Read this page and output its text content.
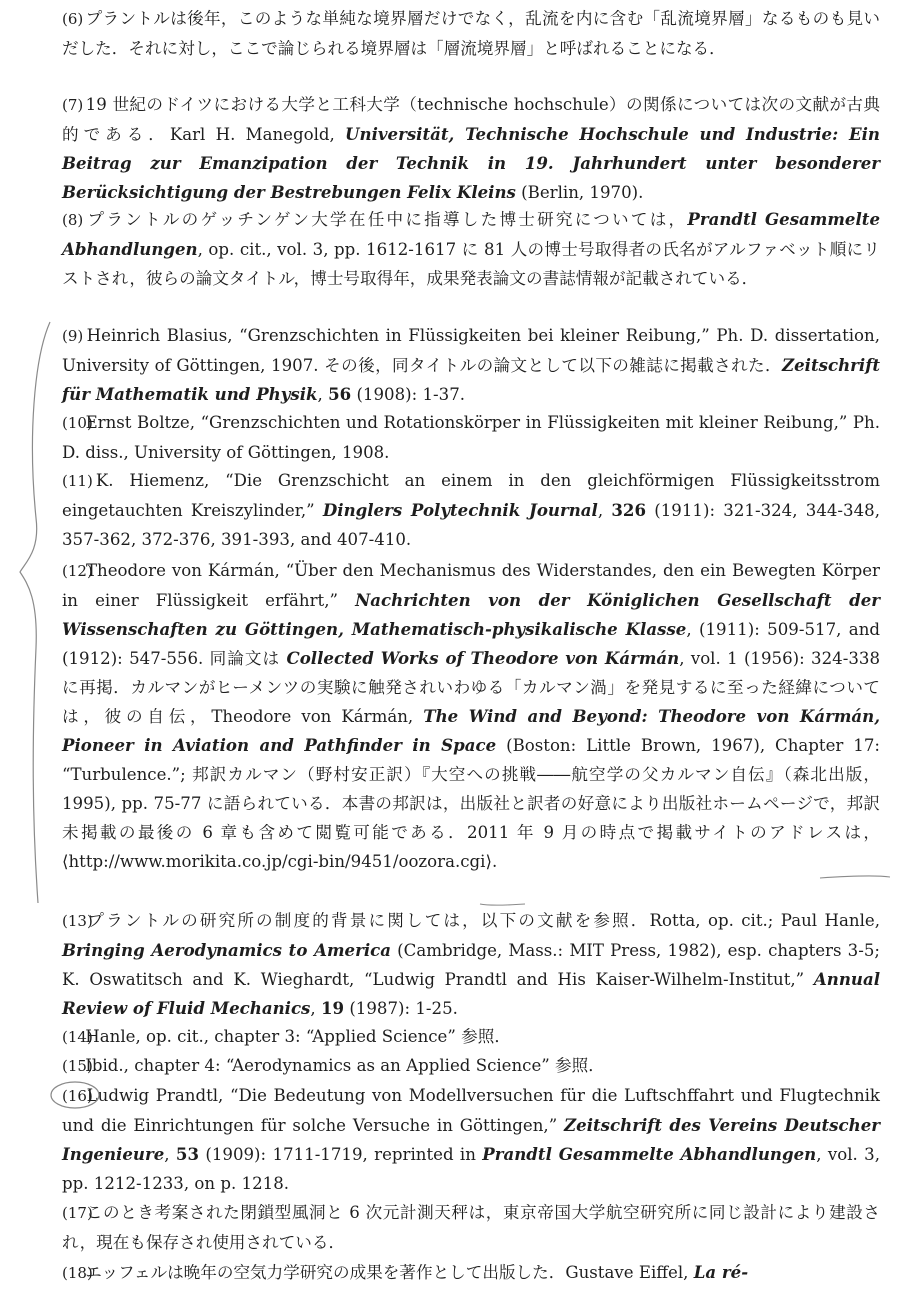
(6) プラントルは後年，このような単純な境界層だけでなく，乱流を内に含む「乱流境界層」なるものも見いだした．それに対し，ここで論じられる境界層は「層流境界層」と呼ばれることになる．
(7) 19 世紀のドイツにおける大学と工科大学（technische hochschule）の関係については次の文献が古典的である．Karl H. Manegold, Universität, Technische Hochschule und Industrie: Ein Beitrag zur Emanzipation der Technik in 19. Jahrhundert unter besonderer Berücksichtigung der Bestrebungen Felix Kleins (Berlin, 1970).
(8) プラントルのゲッチンゲン大学在任中に指導した博士研究については，Prandtl Gesammelte Abhandlungen, op. cit., vol. 3, pp. 1612-1617 に 81 人の博士号取得者の氏名がアルファベット順にリストされ，彼らの論文タイトル，博士号取得年，成果発表論文の書誌情報が記載されている．
(9) Heinrich Blasius, “Grenzschichten in Flüssigkeiten bei kleiner Reibung,” Ph. D. dissertation, University of Göttingen, 1907. その後，同タイトルの論文として以下の雑誌に掲載された．Zeitschrift für Mathematik und Physik, 56 (1908): 1-37.
(10) Ernst Boltze, “Grenzschichten und Rotationskörper in Flüssigkeiten mit kleiner Reibung,” Ph. D. diss., University of Göttingen, 1908.
(11) K. Hiemenz, “Die Grenzschicht an einem in den gleichförmigen Flüssigkeitsstrom eingetauchten Kreiszylinder,” Dinglers Polytechnik Journal, 326 (1911): 321-324, 344-348, 357-362, 372-376, 391-393, and 407-410.
(12) Theodore von Kármán, “Über den Mechanismus des Widerstandes, den ein Bewegten Körper in einer Flüssigkeit erfährt,” Nachrichten von der Königlichen Gesellschaft der Wissenschaften zu Göttingen, Mathematisch-physikalische Klasse, (1911): 509-517, and (1912): 547-556. 同論文は Collected Works of Theodore von Kármán, vol. 1 (1956): 324-338 に再掲．カルマンがヒーメンツの実験に触発されいわゆる「カルマン渦」を発見するに至った経緯については，彼の自伝，Theodore von Kármán, The Wind and Beyond: Theodore von Kármán, Pioneer in Aviation and Pathfinder in Space (Boston: Little Brown, 1967), Chapter 17: “Turbulence.”; 邦訳カルマン（野村安正訳）『大空への挑戦――航空学の父カルマン自伝』（森北出版，1995), pp. 75-77 に語られている．本書の邦訳は，出版社と訳者の好意により出版社ホームページで，邦訳未掲載の最後の 6 章も含めて閲覧可能である．2011 年 9 月の時点で掲載サイトのアドレスは，⟨http://www.morikita.co.jp/cgi-bin/9451/oozora.cgi⟩.
(13) プラントルの研究所の制度的背景に関しては，以下の文献を参照．Rotta, op. cit.; Paul Hanle, Bringing Aerodynamics to America (Cambridge, Mass.: MIT Press, 1982), esp. chapters 3-5; K. Oswatitsch and K. Wieghardt, “Ludwig Prandtl and His Kaiser-Wilhelm-Institut,” Annual Review of Fluid Mechanics, 19 (1987): 1-25.
(14) Hanle, op. cit., chapter 3: “Applied Science” 参照．
(15) Ibid., chapter 4: “Aerodynamics as an Applied Science” 参照．
(16) Ludwig Prandtl, “Die Bedeutung von Modellversuchen für die Luftschffahrt und Flugtechnik und die Einrichtungen für solche Versuche in Göttingen,” Zeitschrift des Vereins Deutscher Ingenieure, 53 (1909): 1711-1719, reprinted in Prandtl Gesammelte Abhandlungen, vol. 3, pp. 1212-1233, on p. 1218.
(17) このとき考案された閉鎖型風洞と 6 次元計測天秤は，東京帝国大学航空研究所に同じ設計により建設され，現在も保存され使用されている．
(18) エッフェルは晩年の空気力学研究の成果を著作として出版した．Gustave Eiffel, La ré-
